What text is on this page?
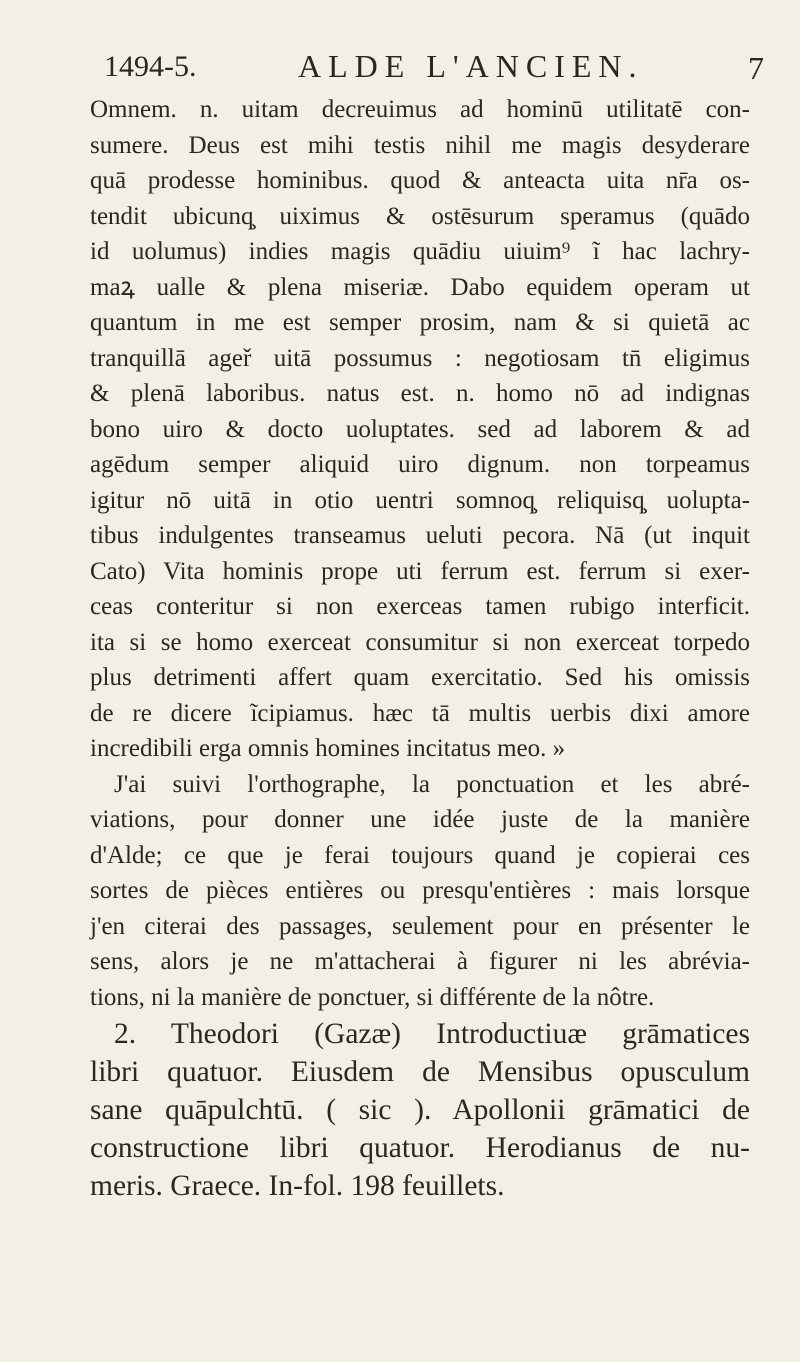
1494-5.	ALDE L'ANCIEN.	7

Omnem. n. uitam decreuimus ad hominū utilitatē con-
sumere. Deus est mihi testis nihil me magis desyderare
quā prodesse hominibus. quod & anteacta uita nr̄a os-
tendit ubicunq̧ uiximus & ostēsurum speramus (quādo
id uolumus) indies magis quādiu uiuim⁹ ĩ hac lachry-
maꝝ ualle & plena miseriæ. Dabo equidem operam ut
quantum in me est semper prosim, nam & si quietā ac
tranquillā ageř uitā possumus : negotiosam tn̄ eligimus
& plenā laboribus. natus est. n. homo nō ad indignas
bono uiro & docto uoluptates. sed ad laborem & ad
agēdum semper aliquid uiro dignum. non torpeamus
igitur nō uitā in otio uentri somnoq̧ reliquisq̧ uolupta-
tibus indulgentes transeamus ueluti pecora. Nā (ut inquit
Cato) Vita hominis prope uti ferrum est. ferrum si exer-
ceas conteritur si non exerceas tamen rubigo interficit.
ita si se homo exerceat consumitur si non exerceat torpedo
plus detrimenti affert quam exercitatio. Sed his omissis
de re dicere ĩcipiamus. hæc tā multis uerbis dixi amore
incredibili erga omnis homines incitatus meo. »

J'ai suivi l'orthographe, la ponctuation et les abré-
viations, pour donner une idée juste de la manière
d'Alde; ce que je ferai toujours quand je copierai ces
sortes de pièces entières ou presqu'entières : mais lorsque
j'en citerai des passages, seulement pour en présenter le
sens, alors je ne m'attacherai à figurer ni les abrévia-
tions, ni la manière de ponctuer, si différente de la nôtre.

2. Theodori (Gazæ) Introductiuæ grāmatices
libri quatuor. Eiusdem de Mensibus opusculum
sane quāpulchtū. ( sic ). Apollonii grāmatici de
constructione libri quatuor. Herodianus de nu-
meris. Graece. In-fol. 198 feuillets.
